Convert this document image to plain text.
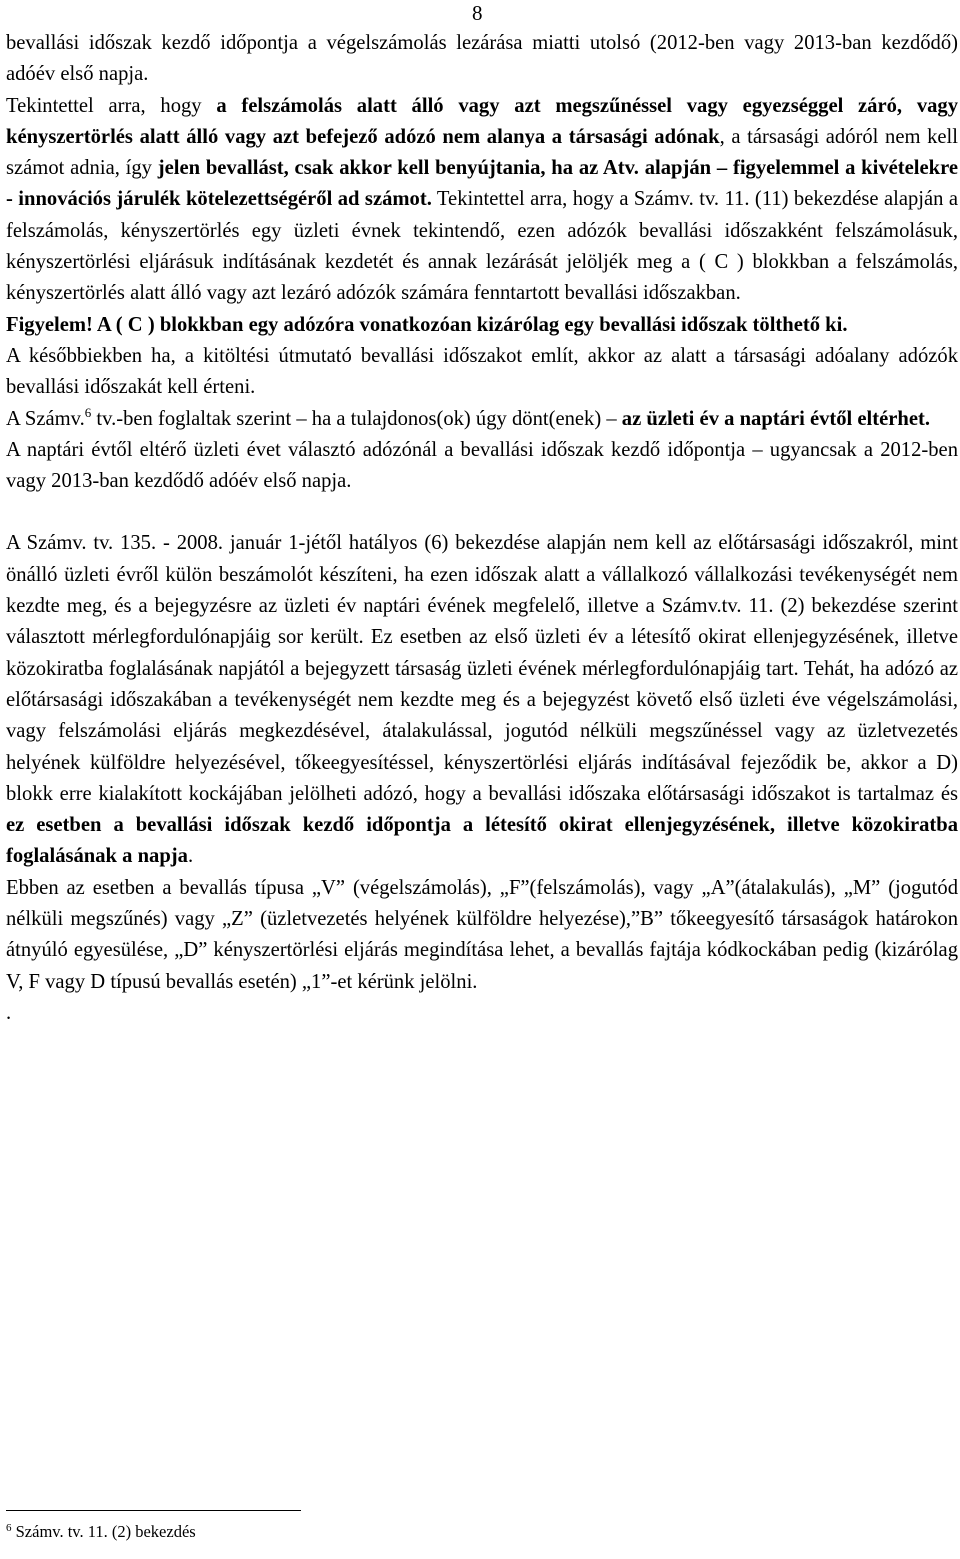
8

bevallási időszak kezdő időpontja a végelszámolás lezárása miatti utolsó (2012-ben vagy 2013-ban kezdődő) adóév első napja.

Tekintettel arra, hogy a felszámolás alatt álló vagy azt megszűnéssel vagy egyezséggel záró, vagy kényszertörlés alatt álló vagy azt befejező adózó nem alanya a társasági adónak, a társasági adóról nem kell számot adnia, így jelen bevallást, csak akkor kell benyújtania, ha az Atv. alapján – figyelemmel a kivételekre - innovációs járulék kötelezettségéről ad számot. Tekintettel arra, hogy a Számv. tv. 11. (11) bekezdése alapján a felszámolás, kényszertörlés egy üzleti évnek tekintendő, ezen adózók bevallási időszakként felszámolásuk, kényszertörlési eljárásuk indításának kezdetét és annak lezárását jelöljék meg a ( C ) blokkban a felszámolás, kényszertörlés alatt álló vagy azt lezáró adózók számára fenntartott bevallási időszakban.

Figyelem! A ( C ) blokkban egy adózóra vonatkozóan kizárólag egy bevallási időszak tölthető ki.

A későbbiekben ha, a kitöltési útmutató bevallási időszakot említ, akkor az alatt a társasági adóalany adózók bevallási időszakát kell érteni.

A Számv.$^6$ tv.-ben foglaltak szerint – ha a tulajdonos(ok) úgy dönt(enek) – az üzleti év a naptári évtől eltérhet.

A naptári évtől eltérő üzleti évet választó adózónál a bevallási időszak kezdő időpontja – ugyancsak a 2012-ben vagy 2013-ban kezdődő adóév első napja.

A Számv. tv. 135. - 2008. január 1-jétől hatályos (6) bekezdése alapján nem kell az előtársasági időszakról, mint önálló üzleti évről külön beszámolót készíteni, ha ezen időszak alatt a vállalkozó vállalkozási tevékenységét nem kezdte meg, és a bejegyzésre az üzleti év naptári évének megfelelő, illetve a Számv.tv. 11. (2) bekezdése szerint választott mérlegfordulónapjáig sor került. Ez esetben az első üzleti év a létesítő okirat ellenjegyzésének, illetve közokiratba foglalásának napjától a bejegyzett társaság üzleti évének mérlegfordulónapjáig tart. Tehát, ha adózó az előtársasági időszakában a tevékenységét nem kezdte meg és a bejegyzést követő első üzleti éve végelszámolási, vagy felszámolási eljárás megkezdésével, átalakulással, jogutód nélküli megszűnéssel vagy az üzletvezetés helyének külföldre helyezésével, tőkeegyesítéssel, kényszertörlési eljárás indításával fejeződik be, akkor a D) blokk erre kialakított kockájában jelölheti adózó, hogy a bevallási időszaka előtársasági időszakot is tartalmaz és ez esetben a bevallási időszak kezdő időpontja a létesítő okirat ellenjegyzésének, illetve közokiratba foglalásának a napja.

Ebben az esetben a bevallás típusa „V” (végelszámolás), „F”(felszámolás), vagy „A”(átalakulás), „M” (jogutód nélküli megszűnés) vagy „Z” (üzletvezetés helyének külföldre helyezése),”B” tőkeegyesítő társaságok határokon átnyúló egyesülése, „D” kényszertörlési eljárás megindítása lehet, a bevallás fajtája kódkockában pedig (kizárólag V, F vagy D típusú bevallás esetén) „1”-et kérünk jelölni.

.

$^6$ Számv. tv. 11. (2) bekezdés
